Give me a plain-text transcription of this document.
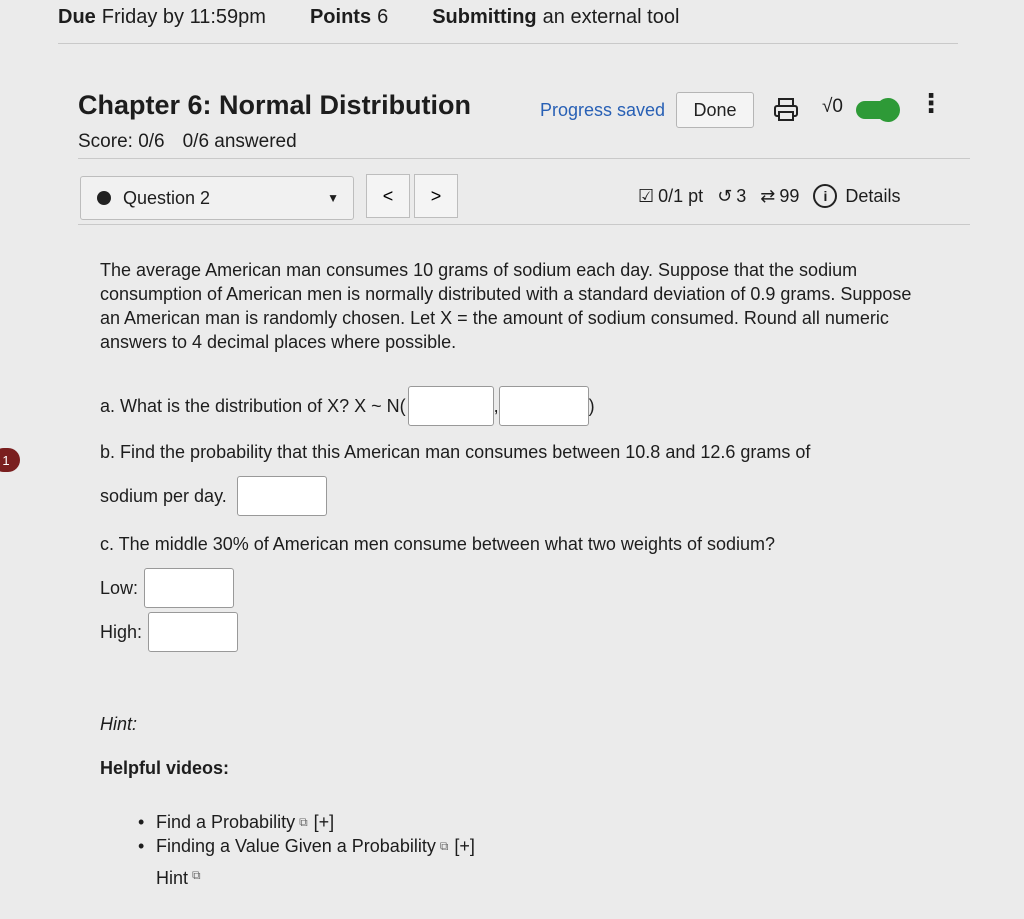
Due Friday by 11:59pm Points 6 Submitting an external tool
Chapter 6: Normal Distribution
Score: 0/6 0/6 answered
Progress saved	Done	√0	⋮
Question 2	▼	<	>	☑ 0/1 pt ↺ 3 ⇄ 99	i	Details
The average American man consumes 10 grams of sodium each day. Suppose that the sodium consumption of American men is normally distributed with a standard deviation of 0.9 grams. Suppose an American man is randomly chosen. Let X = the amount of sodium consumed. Round all numeric answers to 4 decimal places where possible.
a. What is the distribution of X? X ~ N(	,	)
b. Find the probability that this American man consumes between 10.8 and 12.6 grams of
sodium per day.
c. The middle 30% of American men consume between what two weights of sodium?
Low:
High:
Hint:
Helpful videos:
• Find a Probability ⧉ [+]
• Finding a Value Given a Probability ⧉ [+]
Hint ⧉
1
